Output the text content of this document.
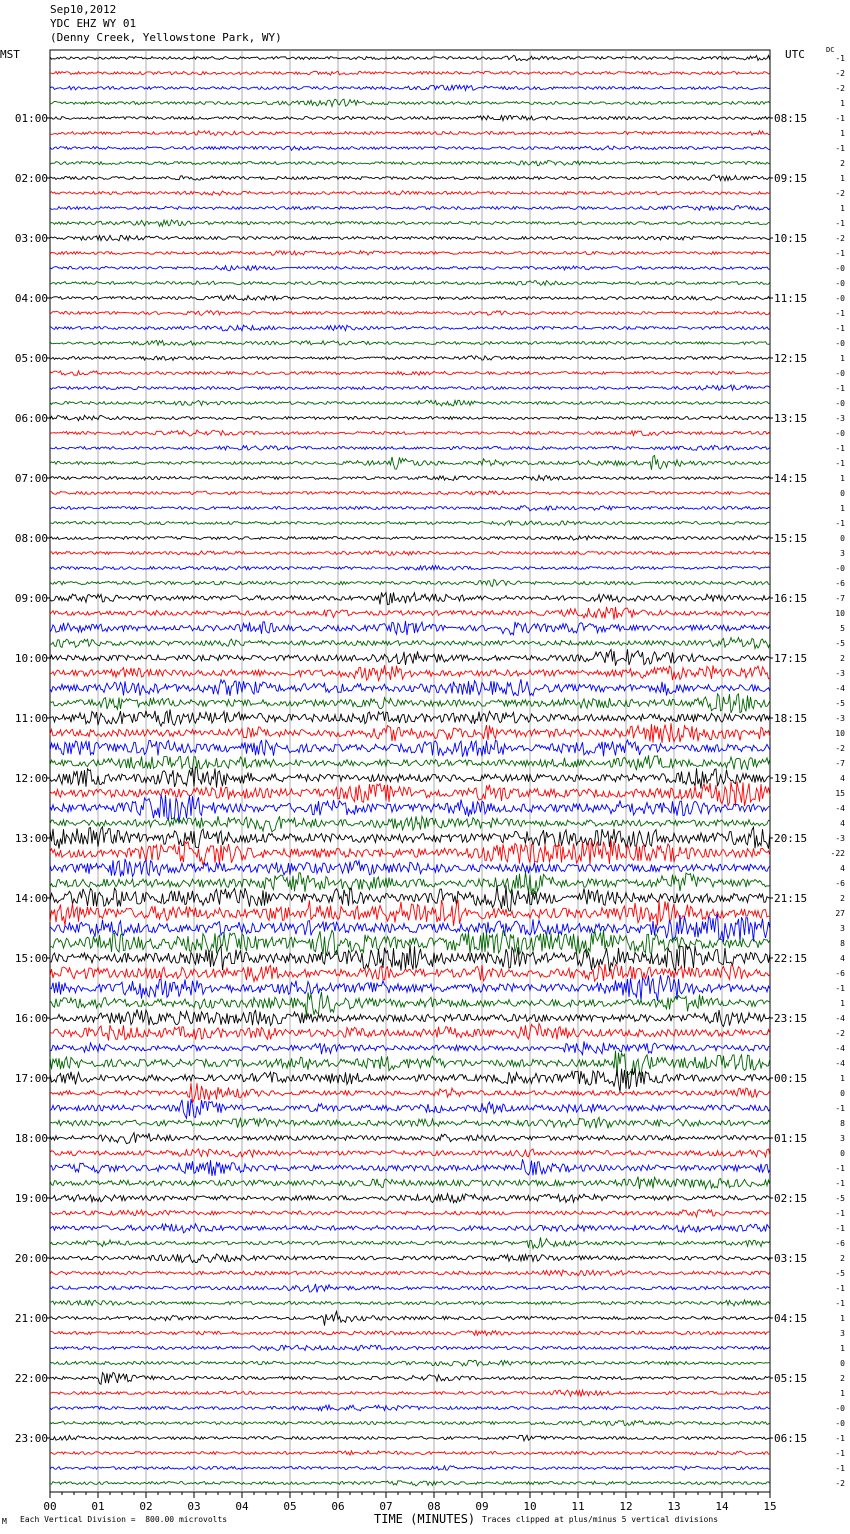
Sep10,2012
YDC EHZ WY 01
(Denny Creek, Yellowstone Park, WY)
MST	UTC	DC
00	01	02	03	04	05	06	07	08	09	10	11	12	13	14	15
-1
-2
-2
1
-1
1
-1
2
1
-2
1
-1
-2
-1
-0
-0
-0
-1
-1
-0
1
-0
-1
-0
-3
-0
-1
-1
1
0
1
-1
0
3
-0
-6
-7
10
5
-5
2
-3
-4
-5
-3
10
-2
-7
4
15
-4
4
-3
-22
4
-6
2
27
3
8
4
-6
-1
1
-4
-2
-4
-4
1
0
-1
8
3
0
-1
-1
-5
-1
-1
-6
2
-5
-1
-1
1
3
1
0
2
1
-0
-0
-1
-1
-1
-2
01:00
02:00
03:00
04:00
05:00
06:00
07:00
08:00
09:00
10:00
11:00
12:00
13:00
14:00
15:00
16:00
17:00
18:00
19:00
20:00
21:00
22:00
23:00
08:15
09:15
10:15
11:15
12:15
13:15
14:15
15:15
16:15
17:15
18:15
19:15
20:15
21:15
22:15
23:15
00:15
01:15
02:15
03:15
04:15
05:15
06:15
M Each Vertical Division =  800.00 microvolts	TIME (MINUTES) Traces clipped at plus/minus 5 vertical divisions
